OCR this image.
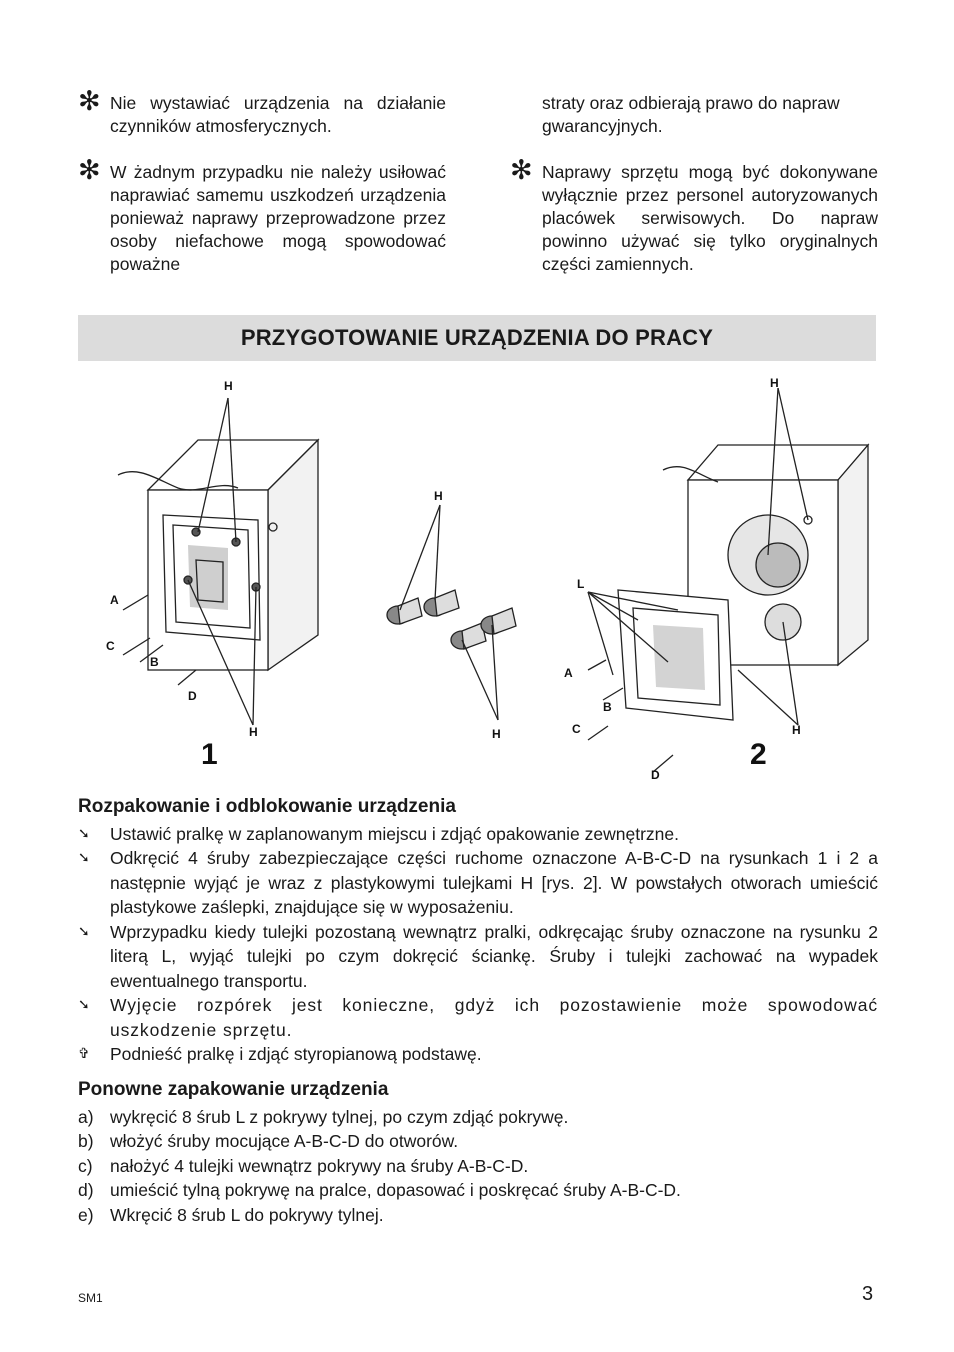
✻ Nie wystawiać urządzenia na działanie czynników atmosferycznych.
✻ W żadnym przypadku nie należy usiłować naprawiać samemu uszkodzeń urządzenia ponieważ naprawy przeprowadzone przez osoby niefachowe mogą spowodować poważne
straty oraz odbierają prawo do napraw gwarancyjnych.
✻ Naprawy sprzętu mogą być dokonywane wyłącznie przez personel autoryzowanych placówek serwisowych. Do napraw powinno używać się tylko oryginalnych części zamiennych.
PRZYGOTOWANIE URZĄDZENIA DO PRACY
H
A
C
B
D
H
1
H
H
H
L
A
B
C
D
H
2
Rozpakowanie i odblokowanie urządzenia
➘ Ustawić pralkę w zaplanowanym miejscu i zdjąć opakowanie zewnętrzne.
➘ Odkręcić 4 śruby zabezpieczające części ruchome oznaczone A-B-C-D na rysunkach 1 i 2 a następnie wyjąć je wraz z plastykowymi tulejkami H [rys. 2]. W powstałych otworach umieścić plastykowe zaślepki, znajdujące się w wyposażeniu.
➘ Wprzypadku kiedy tulejki pozostaną wewnątrz pralki, odkręcając śruby oznaczone na rysunku 2 literą L, wyjąć tulejki po czym dokręcić ściankę. Śruby i tulejki zachować na wypadek ewentualnego transportu.
➘ Wyjęcie rozpórek jest konieczne, gdyż ich pozostawienie może spowodować uszkodzenie sprzętu.
✞ Podnieść pralkę i zdjąć styropianową podstawę.
Ponowne zapakowanie urządzenia
a) wykręcić 8 śrub L z pokrywy tylnej, po czym zdjąć pokrywę.
b) włożyć śruby mocujące A-B-C-D do otworów.
c) nałożyć 4 tulejki wewnątrz pokrywy na śruby A-B-C-D.
d) umieścić tylną pokrywę na pralce, dopasować i poskręcać śruby A-B-C-D.
e) Wkręcić 8 śrub L do pokrywy tylnej.
SM1	3
